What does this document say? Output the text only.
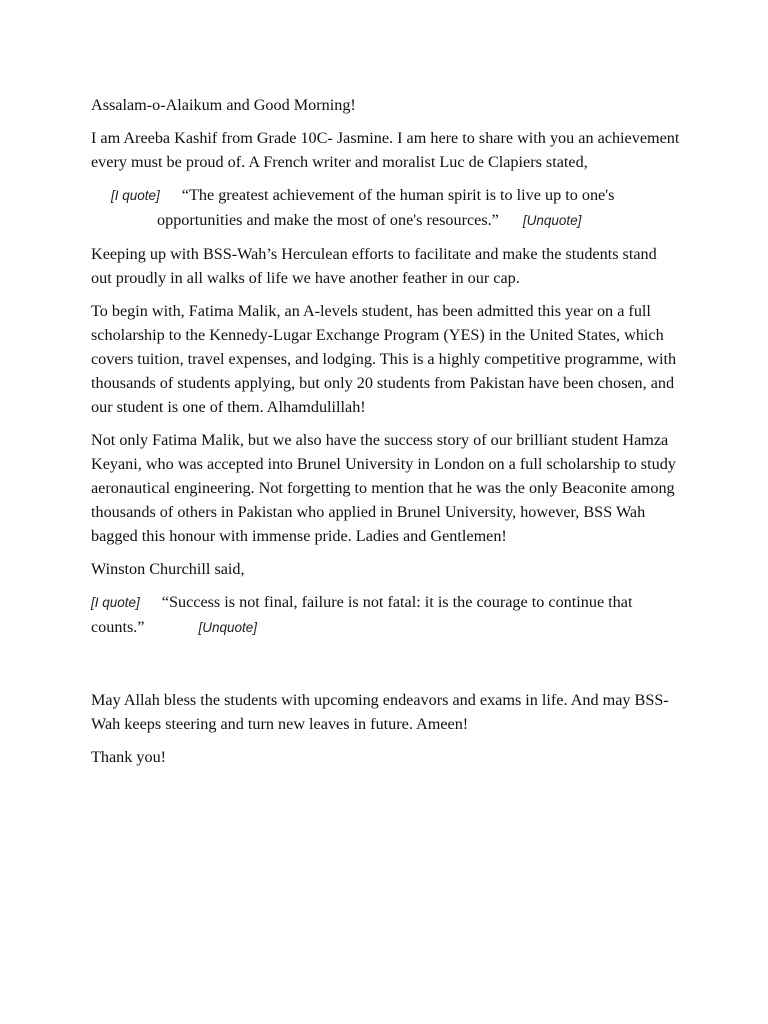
Assalam-o-Alaikum and Good Morning!

I am Areeba Kashif from Grade 10C- Jasmine. I am here to share with you an achievement every must be proud of. A French writer and moralist Luc de Clapiers stated,

[I quote] “The greatest achievement of the human spirit is to live up to one's opportunities and make the most of one's resources.” [Unquote]

Keeping up with BSS-Wah’s Herculean efforts to facilitate and make the students stand out proudly in all walks of life we have another feather in our cap.

To begin with, Fatima Malik, an A-levels student, has been admitted this year on a full scholarship to the Kennedy-Lugar Exchange Program (YES) in the United States, which covers tuition, travel expenses, and lodging. This is a highly competitive programme, with thousands of students applying, but only 20 students from Pakistan have been chosen, and our student is one of them. Alhamdulillah!

Not only Fatima Malik, but we also have the success story of our brilliant student Hamza Keyani, who was accepted into Brunel University in London on a full scholarship to study aeronautical engineering. Not forgetting to mention that he was the only Beaconite among thousands of others in Pakistan who applied in Brunel University, however, BSS Wah bagged this honour with immense pride. Ladies and Gentlemen!

Winston Churchill said,

[I quote] “Success is not final, failure is not fatal: it is the courage to continue that counts.”	[Unquote]

May Allah bless the students with upcoming endeavors and exams in life. And may BSS-Wah keeps steering and turn new leaves in future. Ameen!

Thank you!
